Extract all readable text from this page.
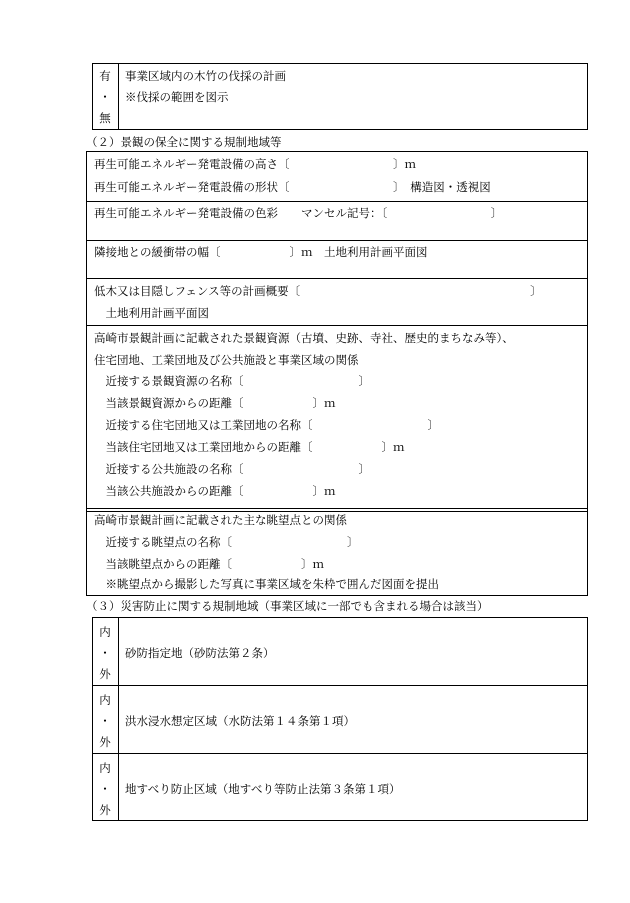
有
・
無
事業区域内の木竹の伐採の計画
※伐採の範囲を図示
（２）景観の保全に関する規制地域等
再生可能エネルギー発電設備の高さ〔　　　　　　　　　〕ｍ
再生可能エネルギー発電設備の形状〔　　　　　　　　　〕　構造図・透視図
再生可能エネルギー発電設備の色彩　　マンセル記号：〔　　　　　　　　　〕
隣接地との緩衝帯の幅〔　　　　　　〕ｍ　土地利用計画平面図
低木又は目隠しフェンス等の計画概要〔　　　　　　　　　　　　　　　　　　　　〕
　土地利用計画平面図
高崎市景観計画に記載された景観資源（古墳、史跡、寺社、歴史的まちなみ等）、
住宅団地、工業団地及び公共施設と事業区域の関係
　近接する景観資源の名称〔　　　　　　　　　　〕
　当該景観資源からの距離〔　　　　　　〕ｍ
　近接する住宅団地又は工業団地の名称〔　　　　　　　　　　〕
　当該住宅団地又は工業団地からの距離〔　　　　　　〕ｍ
　近接する公共施設の名称〔　　　　　　　　　　〕
　当該公共施設からの距離〔　　　　　　〕ｍ
高崎市景観計画に記載された主な眺望点との関係
　近接する眺望点の名称〔　　　　　　　　　　〕
　当該眺望点からの距離〔　　　　　　〕ｍ
　※眺望点から撮影した写真に事業区域を朱枠で囲んだ図面を提出
（３）災害防止に関する規制地域（事業区域に一部でも含まれる場合は該当）
内
・
外
砂防指定地（砂防法第２条）
内
・
外
洪水浸水想定区域（水防法第１４条第１項）
内
・
外
地すべり防止区域（地すべり等防止法第３条第１項）
